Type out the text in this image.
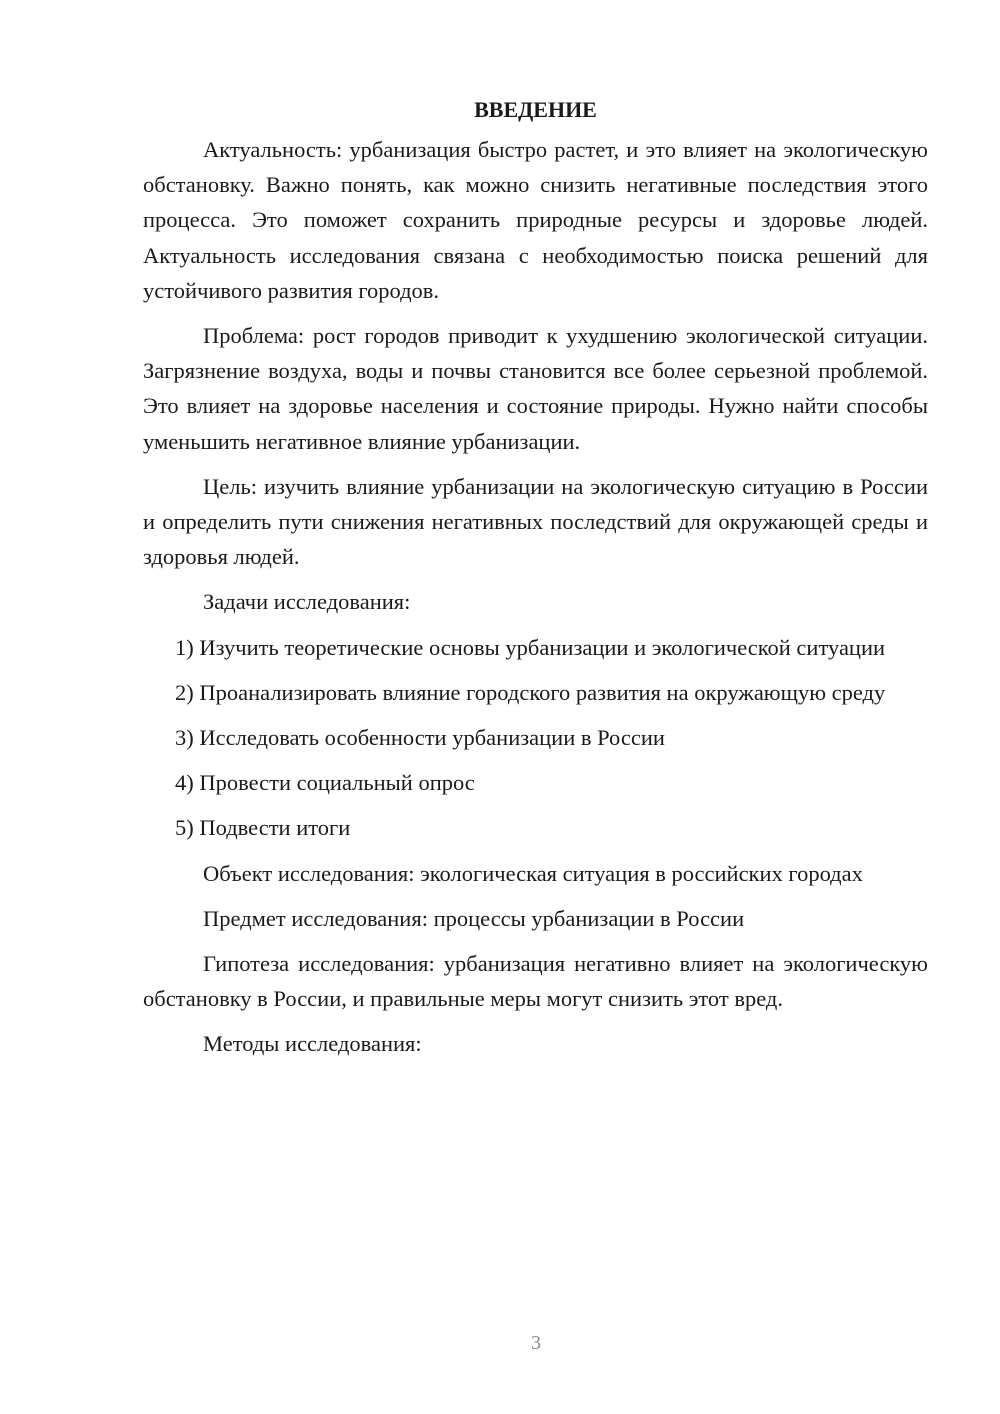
ВВЕДЕНИЕ

Актуальность: урбанизация быстро растет, и это влияет на экологическую обстановку. Важно понять, как можно снизить негативные последствия этого процесса. Это поможет сохранить природные ресурсы и здоровье людей. Актуальность исследования связана с необходимостью поиска решений для устойчивого развития городов.

Проблема: рост городов приводит к ухудшению экологической ситуации. Загрязнение воздуха, воды и почвы становится все более серьезной проблемой. Это влияет на здоровье населения и состояние природы. Нужно найти способы уменьшить негативное влияние урбанизации.

Цель: изучить влияние урбанизации на экологическую ситуацию в России и определить пути снижения негативных последствий для окружающей среды и здоровья людей.

Задачи исследования:

1) Изучить теоретические основы урбанизации и экологической ситуации

2) Проанализировать влияние городского развития на окружающую среду

3) Исследовать особенности урбанизации в России

4) Провести социальный опрос

5) Подвести итоги

Объект исследования: экологическая ситуация в российских городах

Предмет исследования: процессы урбанизации в России

Гипотеза исследования: урбанизация негативно влияет на экологическую обстановку в России, и правильные меры могут снизить этот вред.

Методы исследования:

3
